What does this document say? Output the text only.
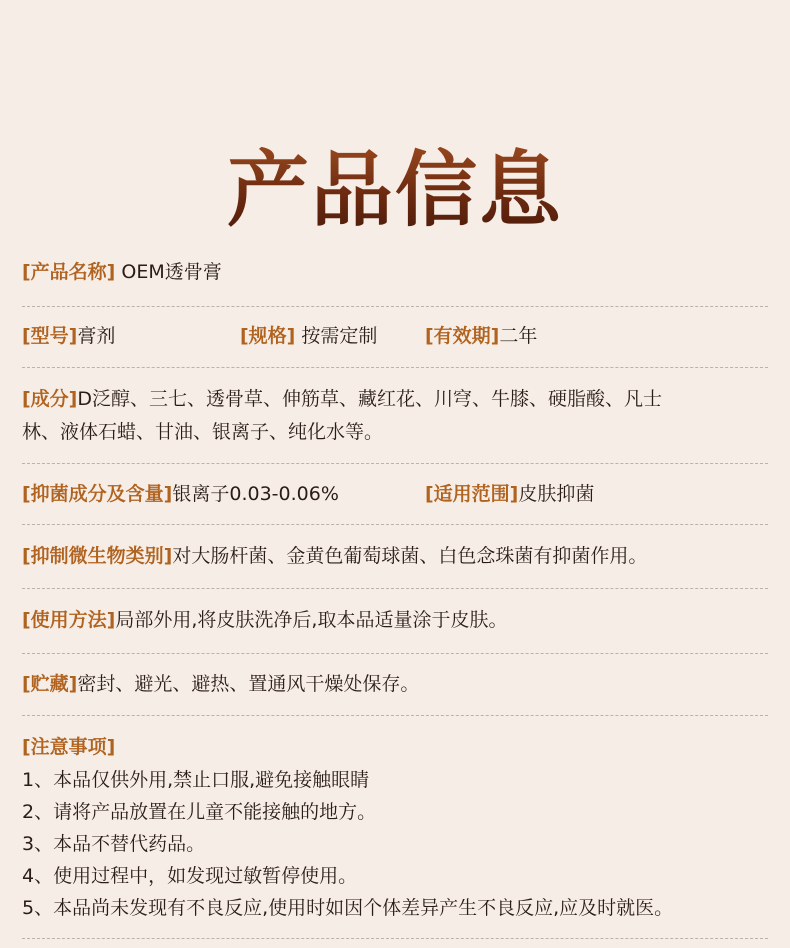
产品信息
[产品名称] OEM透骨膏
[型号]膏剂	[规格] 按需定制	[有效期]二年
[成分]D泛醇、三七、透骨草、伸筋草、藏红花、川穹、牛膝、硬脂酸、凡士
林、液体石蜡、甘油、银离子、纯化水等。
[抑菌成分及含量]银离子0.03-0.06%	[适用范围]皮肤抑菌
[抑制微生物类别]对大肠杆菌、金黄色葡萄球菌、白色念珠菌有抑菌作用。
[使用方法]局部外用,将皮肤洗净后,取本品适量涂于皮肤。
[贮藏]密封、避光、避热、置通风干燥处保存。
[注意事项]
1、本品仅供外用,禁止口服,避免接触眼睛
2、请将产品放置在儿童不能接触的地方。
3、本品不替代药品。
4、使用过程中，如发现过敏暂停使用。
5、本品尚未发现有不良反应,使用时如因个体差异产生不良反应,应及时就医。
